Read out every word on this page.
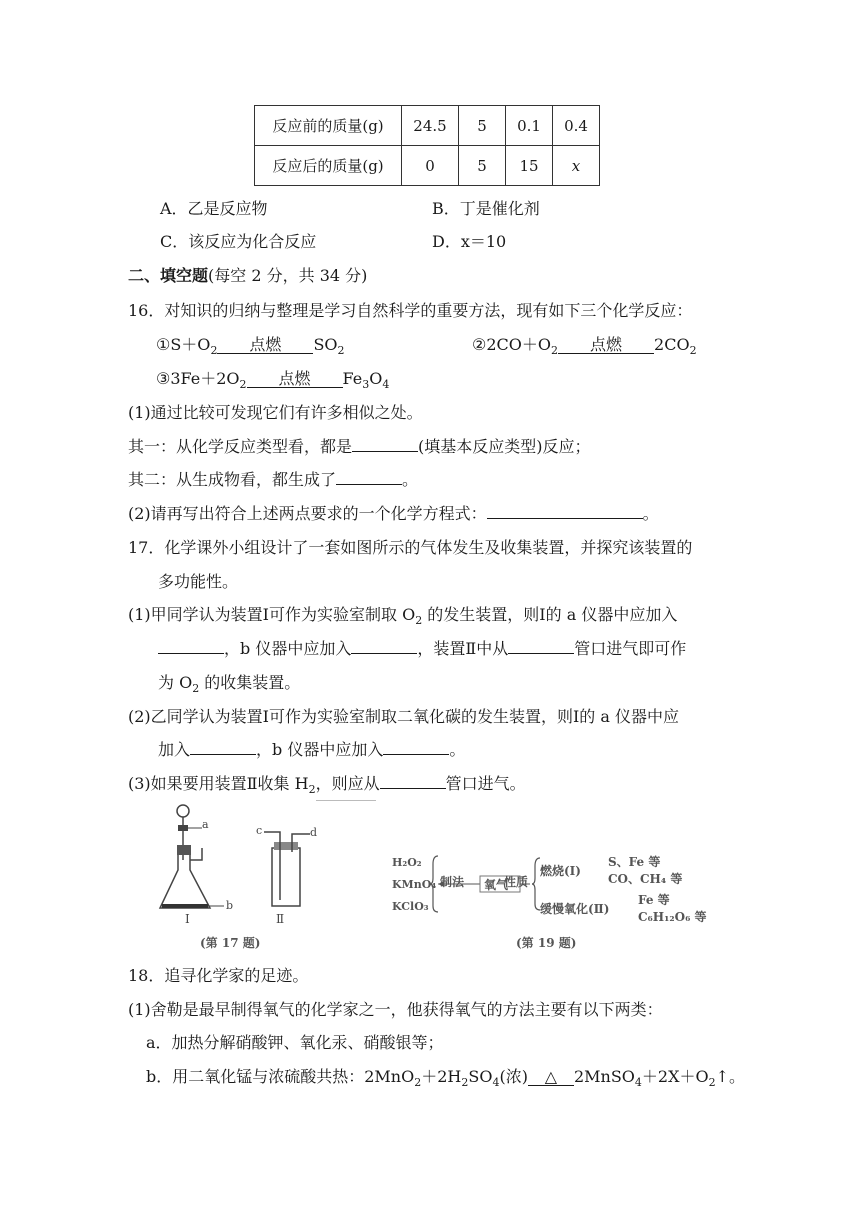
反应前的质量(g)	24.5	5	0.1	0.4
反应后的质量(g)	0	5	15	x
A．乙是反应物	B．丁是催化剂
C．该反应为化合反应	D．x＝10
二、填空题(每空 2 分，共 34 分)
16．对知识的归纳与整理是学习自然科学的重要方法，现有如下三个化学反应：
$①S+O_2$ 点燃 $SO_2$	$②2CO+O_2$ 点燃 $2CO_2$
$③3Fe+2O_2$ 点燃 $Fe_3O_4$
(1)通过比较可发现它们有许多相似之处。
其一：从化学反应类型看，都是	(填基本反应类型)反应；
其二：从生成物看，都生成了	。
(2)请再写出符合上述两点要求的一个化学方程式：	。
17．化学课外小组设计了一套如图所示的气体发生及收集装置，并探究该装置的
多功能性。
(1)甲同学认为装置Ⅰ可作为实验室制取 $O_2$ 的发生装置，则Ⅰ的 a 仪器中应加入
，b 仪器中应加入	，装置Ⅱ中从	管口进气即可作
为 $O_2$ 的收集装置。
(2)乙同学认为装置Ⅰ可作为实验室制取二氧化碳的发生装置，则Ⅰ的 a 仪器中应
加入	，b 仪器中应加入	。
(3)如果要用装置Ⅱ收集 $H_2$，则应从	管口进气。
a
b
c	d
Ⅰ	Ⅱ
(第 17 题)
H₂O₂
KMnO₄
KClO₃
制法 氧气
性质
燃烧(Ⅰ)
S、Fe 等
CO、CH₄ 等
缓慢氧化(Ⅱ)
Fe 等
C₆H₁₂O₆ 等
(第 19 题)
18．追寻化学家的足迹。
(1)舍勒是最早制得氧气的化学家之一，他获得氧气的方法主要有以下两类：
a．加热分解硝酸钾、氧化汞、硝酸银等；
b．用二氧化锰与浓硫酸共热：$2MnO_2+2H_2SO_4$(浓) △ $2MnSO_4+2X+O_2↑$。
